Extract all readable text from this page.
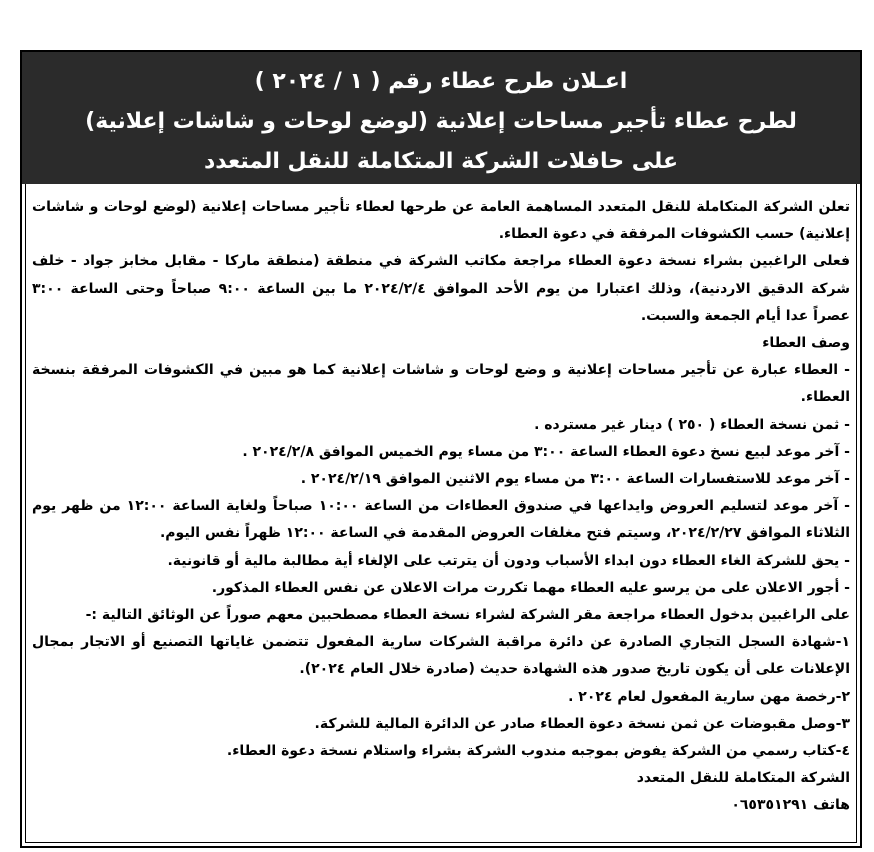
اعـلان طرح عطاء رقم ( ١ / ٢٠٢٤ )
لطرح عطاء تأجير مساحات إعلانية (لوضع لوحات و شاشات إعلانية)
على حافلات الشركة المتكاملة للنقل المتعدد

تعلن الشركة المتكاملة للنقل المتعدد المساهمة العامة عن طرحها لعطاء تأجير مساحات إعلانية (لوضع لوحات و شاشات إعلانية) حسب الكشوفات المرفقة في دعوة العطاء.

فعلى الراغبين بشراء نسخة دعوة العطاء مراجعة مكاتب الشركة في منطقة (منطقة ماركا - مقابل مخابز جواد - خلف شركة الدقيق الاردنية)، وذلك اعتبارا من يوم الأحد الموافق ٢٠٢٤/٢/٤ ما بين الساعة ٩:٠٠ صباحاً وحتى الساعة ٣:٠٠ عصراً عدا أيام الجمعة والسبت.

وصف العطاء

- العطاء عبارة عن تأجير مساحات إعلانية و وضع لوحات و شاشات إعلانية كما هو مبين في الكشوفات المرفقة بنسخة العطاء.

- ثمن نسخة العطاء ( ٢٥٠ ) دينار غير مسترده .

- آخر موعد لبيع نسخ دعوة العطاء الساعة ٣:٠٠ من مساء يوم الخميس الموافق ٢٠٢٤/٢/٨ .

- آخر موعد للاستفسارات الساعة ٣:٠٠ من مساء يوم الاثنين الموافق ٢٠٢٤/٢/١٩ .

- آخر موعد لتسليم العروض وايداعها في صندوق العطاءات من الساعة ١٠:٠٠ صباحاً ولغاية الساعة ١٢:٠٠ من ظهر يوم الثلاثاء الموافق ٢٠٢٤/٢/٢٧، وسيتم فتح مغلفات العروض المقدمة في الساعة ١٢:٠٠ ظهراً نفس اليوم.

- يحق للشركة الغاء العطاء دون ابداء الأسباب ودون أن يترتب على الإلغاء أية مطالبة مالية أو قانونية.

- أجور الاعلان على من يرسو عليه العطاء مهما تكررت مرات الاعلان عن نفس العطاء المذكور.

على الراغبين بدخول العطاء مراجعة مقر الشركة لشراء نسخة العطاء مصطحبين معهم صوراً عن الوثائق التالية :-

١-شهادة السجل التجاري الصادرة عن دائرة مراقبة الشركات سارية المفعول تتضمن غاياتها التصنيع أو الاتجار بمجال الإعلانات على أن يكون تاريخ صدور هذه الشهادة حديث (صادرة خلال العام ٢٠٢٤).

٢-رخصة مهن سارية المفعول لعام ٢٠٢٤ .

٣-وصل مقبوضات عن ثمن نسخة دعوة العطاء صادر عن الدائرة المالية للشركة.

٤-كتاب رسمي من الشركة يفوض بموجبه مندوب الشركة بشراء واستلام نسخة دعوة العطاء.

الشركة المتكاملة للنقل المتعدد

هاتف ٠٦٥٣٥١٢٩١
